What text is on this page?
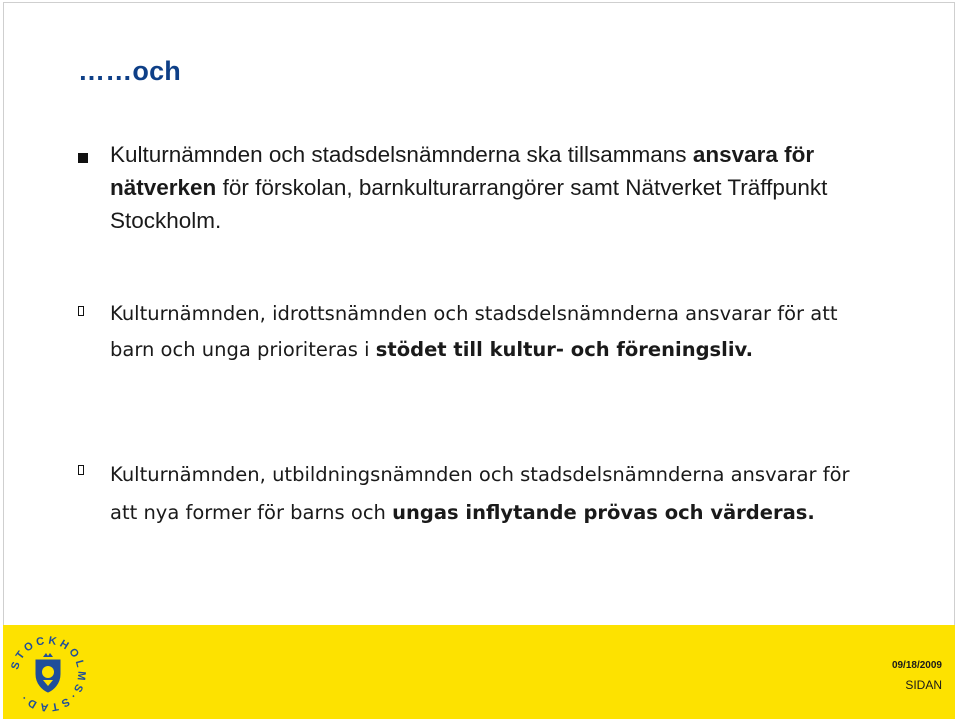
……och
Kulturnämnden och stadsdelsnämnderna ska tillsammans ansvara för nätverken för förskolan, barnkulturarrangörer samt Nätverket Träffpunkt Stockholm.
Kulturnämnden, idrottsnämnden och stadsdelsnämnderna ansvarar för att barn och unga prioriteras i stödet till kultur- och föreningsliv.
Kulturnämnden, utbildningsnämnden och stadsdelsnämnderna ansvarar för att nya former för barns och ungas inflytande prövas och värderas.
STOCKHOL S·STAD·
09/18/2009
SIDAN
